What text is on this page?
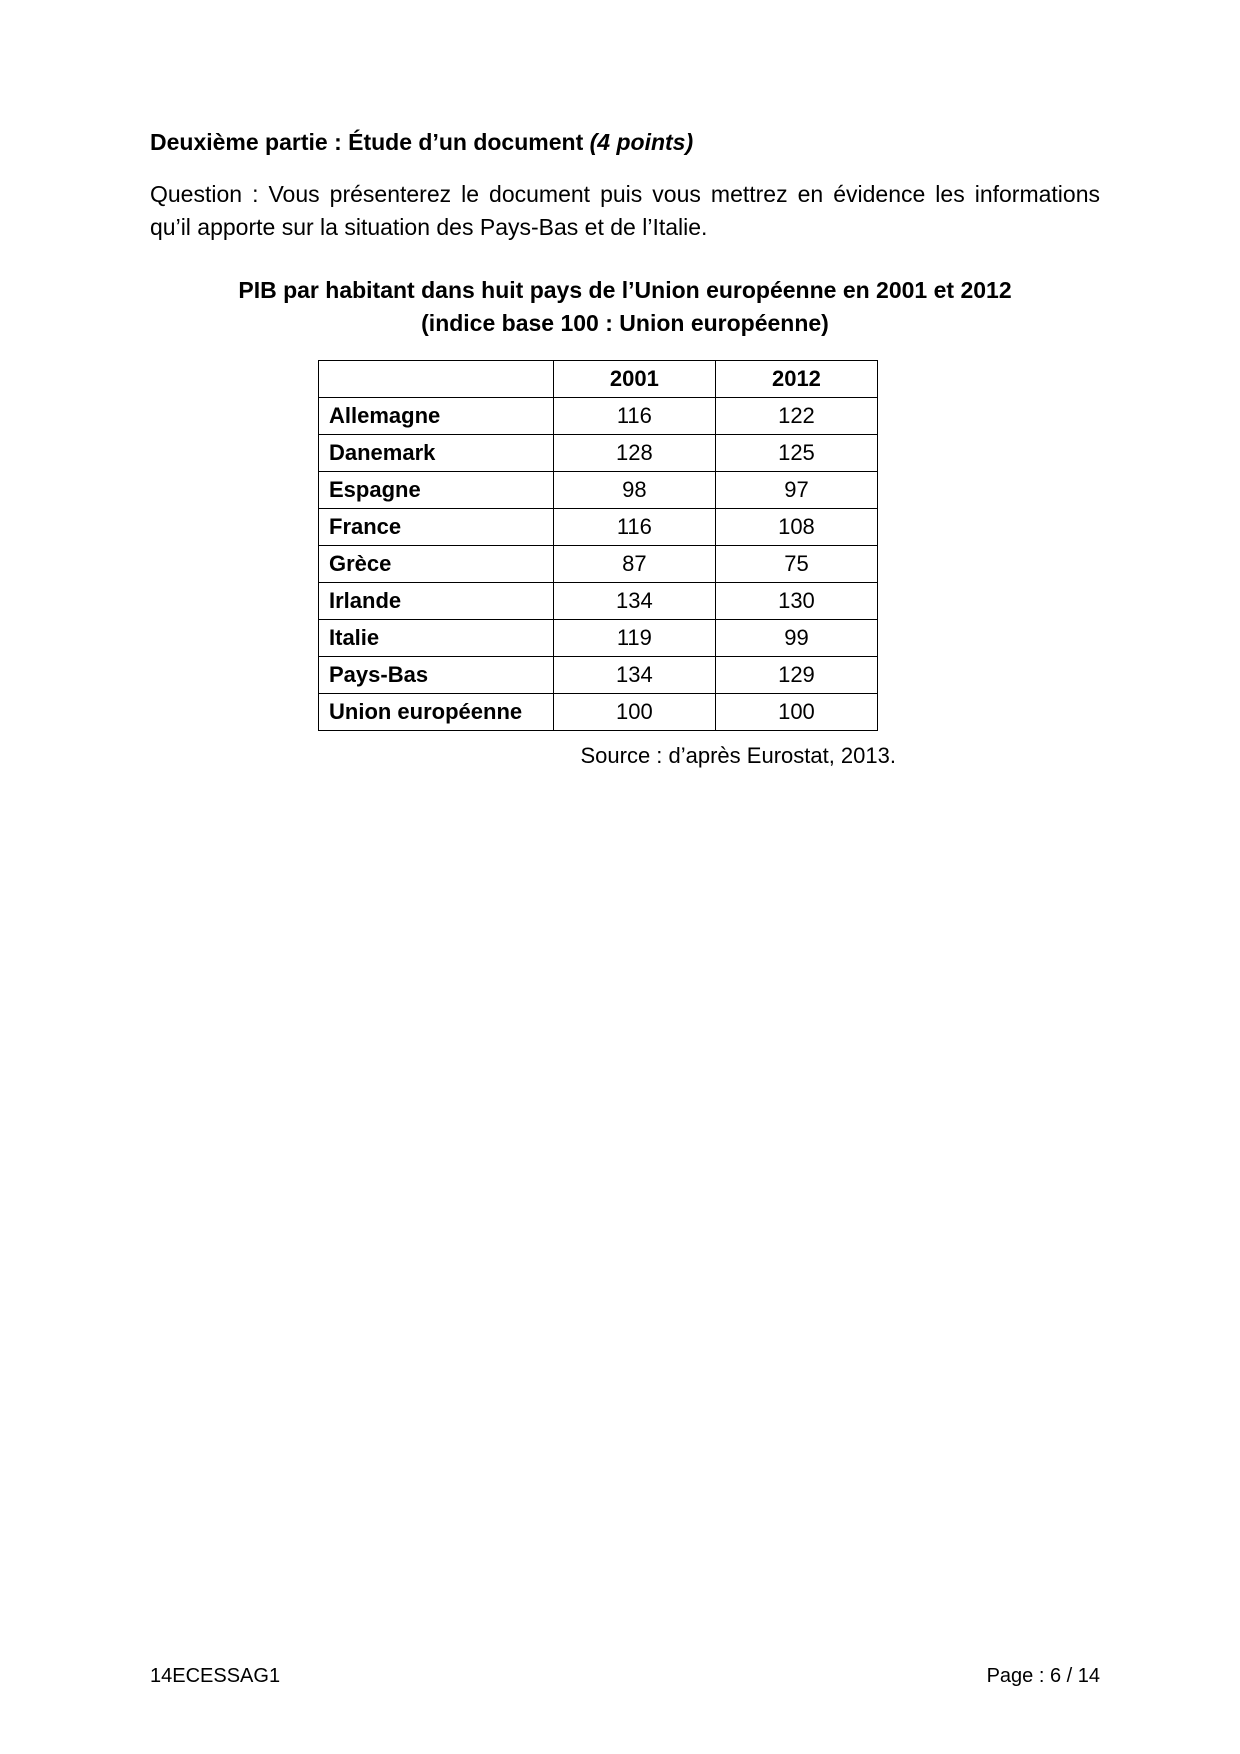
Deuxième partie : Étude d’un document (4 points)

Question : Vous présenterez le document puis vous mettrez en évidence les informations qu’il apporte sur la situation des Pays-Bas et de l’Italie.

PIB par habitant dans huit pays de l’Union européenne en 2001 et 2012
(indice base 100 : Union européenne)
	2001	2012
Allemagne	116	122
Danemark	128	125
Espagne	98	97
France	116	108
Grèce	87	75
Irlande	134	130
Italie	119	99
Pays-Bas	134	129
Union européenne	100	100
Source : d’après Eurostat, 2013.
14ECESSAG1	Page : 6 / 14
